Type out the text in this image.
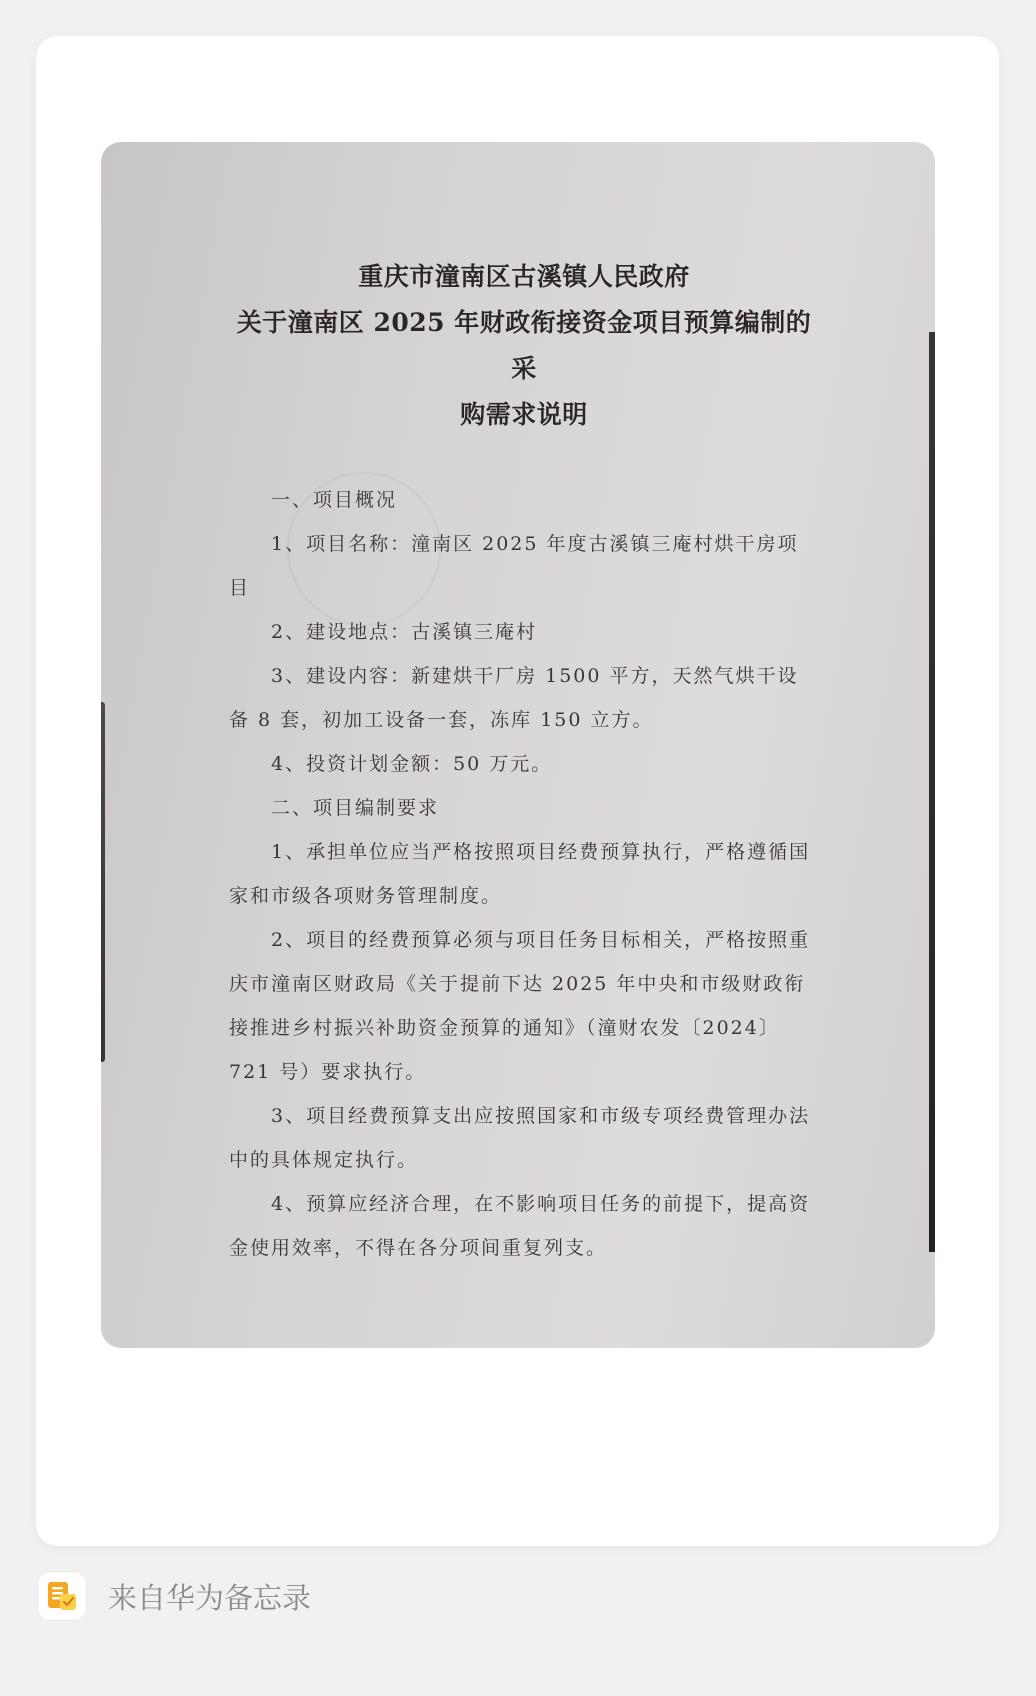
重庆市潼南区古溪镇人民政府
关于潼南区 2025 年财政衔接资金项目预算编制的采
购需求说明
一、项目概况
1、项目名称：潼南区 2025 年度古溪镇三庵村烘干房项目
2、建设地点：古溪镇三庵村
3、建设内容：新建烘干厂房 1500 平方，天然气烘干设备 8 套，初加工设备一套，冻库 150 立方。
4、投资计划金额：50 万元。
二、项目编制要求
1、承担单位应当严格按照项目经费预算执行，严格遵循国家和市级各项财务管理制度。
2、项目的经费预算必须与项目任务目标相关，严格按照重庆市潼南区财政局《关于提前下达 2025 年中央和市级财政衔接推进乡村振兴补助资金预算的通知》（潼财农发〔2024〕721 号）要求执行。
3、项目经费预算支出应按照国家和市级专项经费管理办法中的具体规定执行。
4、预算应经济合理，在不影响项目任务的前提下，提高资金使用效率，不得在各分项间重复列支。
来自华为备忘录
